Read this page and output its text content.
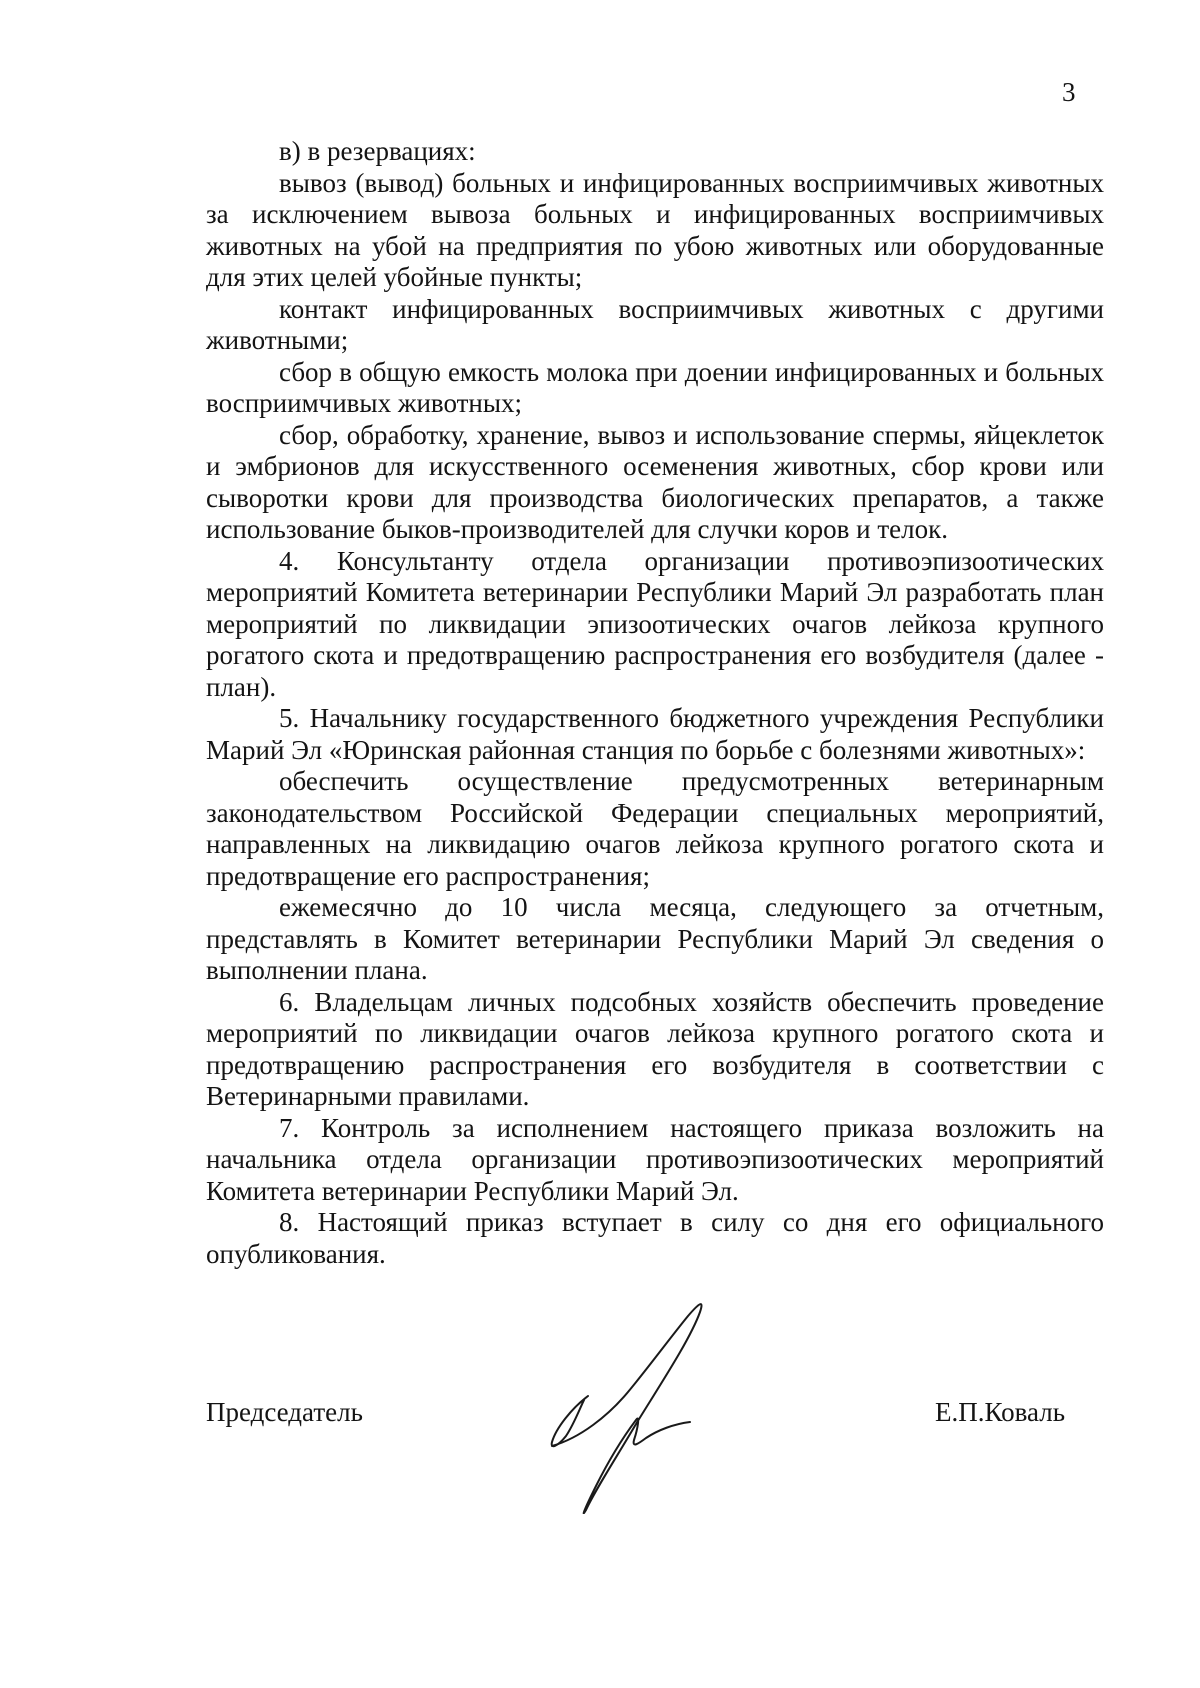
3

в) в резервациях:

вывоз (вывод) больных и инфицированных восприимчивых животных за исключением вывоза больных и инфицированных восприимчивых животных на убой на предприятия по убою животных или оборудованные для этих целей убойные пункты;

контакт инфицированных восприимчивых животных с другими животными;

сбор в общую емкость молока при доении инфицированных и больных восприимчивых животных;

сбор, обработку, хранение, вывоз и использование спермы, яйцеклеток и эмбрионов для искусственного осеменения животных, сбор крови или сыворотки крови для производства биологических препаратов, а также использование быков-производителей для случки коров и телок.

4. Консультанту отдела организации противоэпизоотических мероприятий Комитета ветеринарии Республики Марий Эл разработать план мероприятий по ликвидации эпизоотических очагов лейкоза крупного рогатого скота и предотвращению распространения его возбудителя (далее - план).

5. Начальнику государственного бюджетного учреждения Республики Марий Эл «Юринская районная станция по борьбе с болезнями животных»:

обеспечить осуществление предусмотренных ветеринарным законодательством Российской Федерации специальных мероприятий, направленных на ликвидацию очагов лейкоза крупного рогатого скота и предотвращение его распространения;

ежемесячно до 10 числа месяца, следующего за отчетным, представлять в Комитет ветеринарии Республики Марий Эл сведения о выполнении плана.

6. Владельцам личных подсобных хозяйств обеспечить проведение мероприятий по ликвидации очагов лейкоза крупного рогатого скота и предотвращению распространения его возбудителя в соответствии с Ветеринарными правилами.

7. Контроль за исполнением настоящего приказа возложить на начальника отдела организации противоэпизоотических мероприятий Комитета ветеринарии Республики Марий Эл.

8. Настоящий приказ вступает в силу со дня его официального опубликования.

Председатель	Е.П.Коваль
